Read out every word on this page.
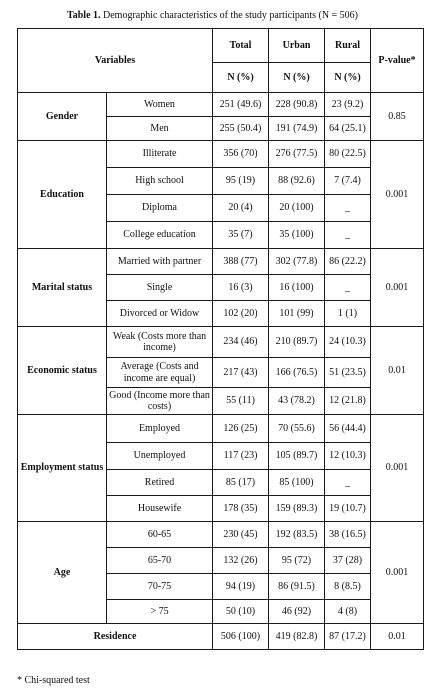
Table 1. Demographic characteristics of the study participants (N = 506)
Variables		Total	Urban	Rural	P-value*
		N (%)	N (%)	N (%)	
Gender	Women	251 (49.6)	228 (90.8)	23 (9.2)	0.85
	Men	255 (50.4)	191 (74.9)	64 (25.1)	
Education	Illiterate	356 (70)	276 (77.5)	80 (22.5)	0.001
	High school	95 (19)	88 (92.6)	7 (7.4)	
	Diploma	20 (4)	20 (100)	_	
	College education	35 (7)	35 (100)	_	
Marital status	Married with partner	388 (77)	302 (77.8)	86 (22.2)	0.001
	Single	16 (3)	16 (100)	_	
	Divorced or Widow	102 (20)	101 (99)	1 (1)	
Economic status	Weak (Costs more than income)	234 (46)	210 (89.7)	24 (10.3)	0.01
	Average (Costs and income are equal)	217 (43)	166 (76.5)	51 (23.5)	
	Good (Income more than costs)	55 (11)	43 (78.2)	12 (21.8)	
Employment status	Employed	126 (25)	70 (55.6)	56 (44.4)	0.001
	Unemployed	117 (23)	105 (89.7)	12 (10.3)	
	Retired	85 (17)	85 (100)	_	
	Housewife	178 (35)	159 (89.3)	19 (10.7)	
Age	60-65	230 (45)	192 (83.5)	38 (16.5)	0.001
	65-70	132 (26)	95 (72)	37 (28)	
	70-75	94 (19)	86 (91.5)	8 (8.5)	
	> 75	50 (10)	46 (92)	4 (8)	
Residence		506 (100)	419 (82.8)	87 (17.2)	0.01
* Chi-squared test
